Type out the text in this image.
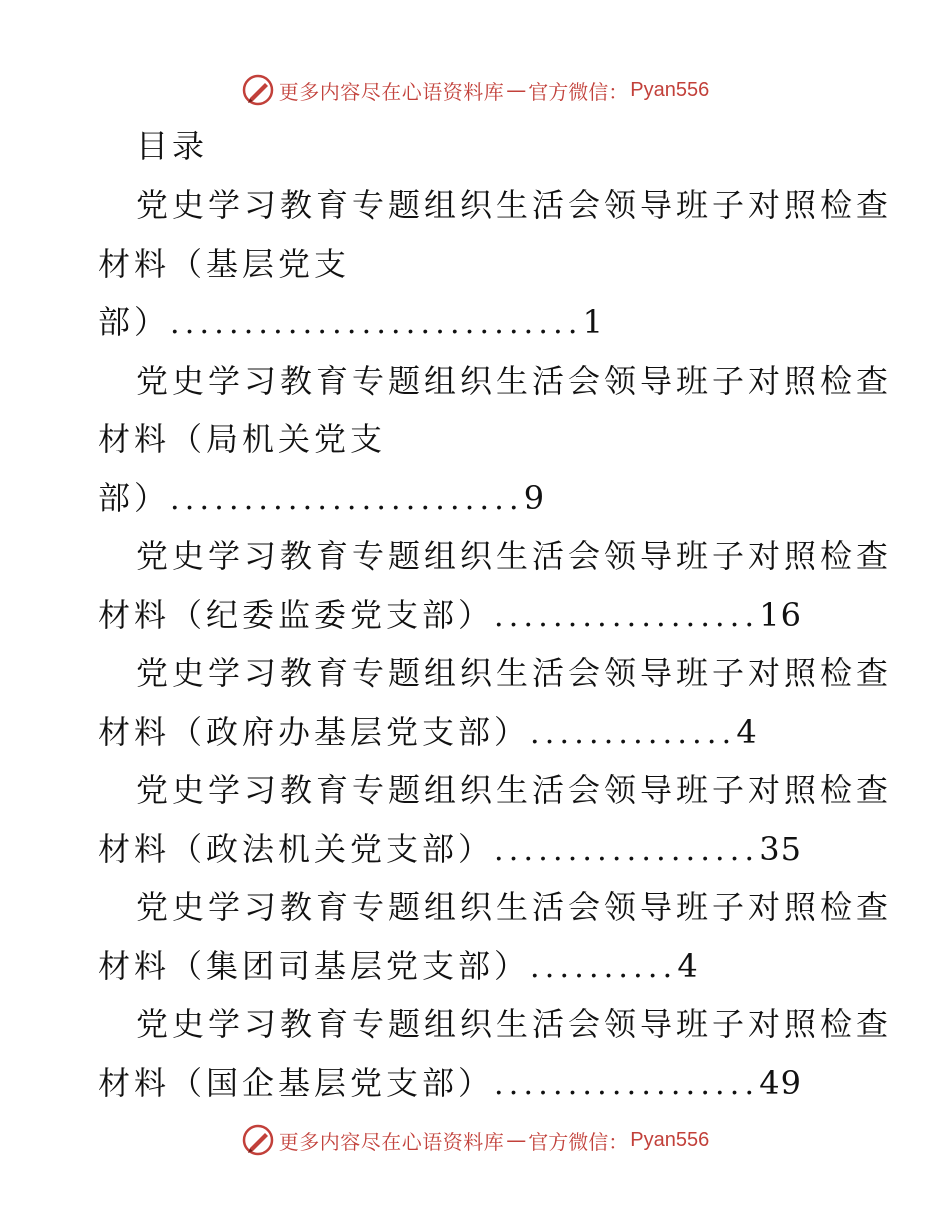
更多内容尽在心语资料库 — 官方微信： Pyan556
目录
党史学习教育专题组织生活会领导班子对照检查
材料（基层党支
部）............................1
党史学习教育专题组织生活会领导班子对照检查
材料（局机关党支
部）........................9
党史学习教育专题组织生活会领导班子对照检查
材料（纪委监委党支部）..................16
党史学习教育专题组织生活会领导班子对照检查
材料（政府办基层党支部）..............4
党史学习教育专题组织生活会领导班子对照检查
材料（政法机关党支部）..................35
党史学习教育专题组织生活会领导班子对照检查
材料（集团司基层党支部）..........4
党史学习教育专题组织生活会领导班子对照检查
材料（国企基层党支部）..................49
更多内容尽在心语资料库 — 官方微信： Pyan556
